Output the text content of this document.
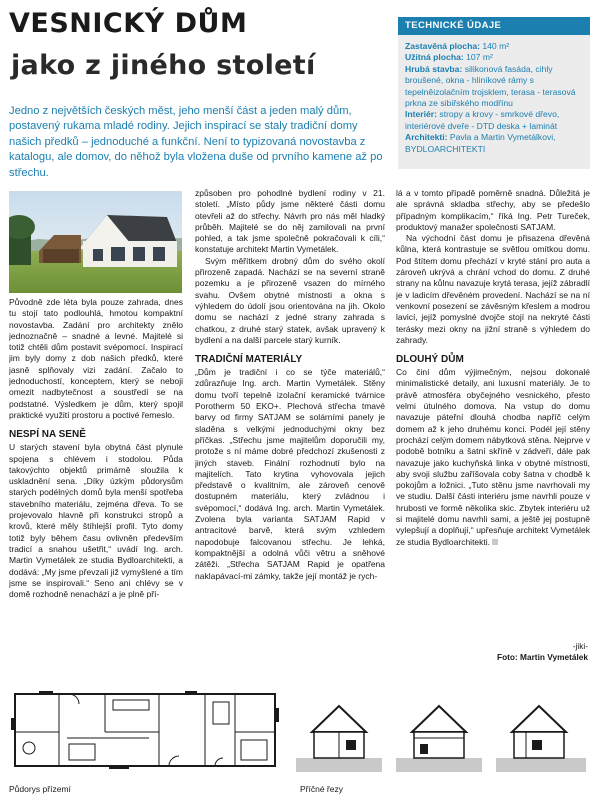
VESNICKÝ DŮM
jako z jiného století

Jedno z největších českých měst, jeho menší část a jeden malý dům, postavený rukama mladé rodiny. Jejich inspirací se staly tradiční domy našich předků – jednoduché a funkční. Není to typizovaná novostavba z katalogu, ale domov, do něhož byla vložena duše od prvního kamene až po střechu.

TECHNICKÉ ÚDAJE

Zastavěná plocha: 140 m²

Užitná plocha: 107 m²

Hrubá stavba: silikonová fasáda, cihly broušené, okna - hliníkové rámy s tepelněizolačním trojsklem, terasa - terasová prkna ze sibiřského modřínu

Interiér: stropy a krovy - smrkové dřevo, interiérové dveře - DTD deska + laminát

Architekti: Pavla a Martin Vymetálkovi, BYDLOARCHITEKTI

Původně zde léta byla pouze zahrada, dnes tu stojí tato podlouhlá, hmotou kompaktní novostavba. Zadání pro architekty znělo jednoznačně – snadné a levné. Majitelé si totiž chtěli dům postavit svépomocí. Inspirací jim byly domy z dob našich předků, které jasně splňovaly vizi zadání. Začalo to jednoduchostí, konceptem, který se neboji omezit nadbytečnost a soustředí se na podstatné. Výsledkem je dům, který spojil praktické využití prostoru a poctivé řemeslo.

NESPÍ NA SENĚ

U starých stavení byla obytná část plynule spojena s chlévem i stodolou. Půda takovýchto objektů primárně sloužila k uskladnění sena. „Díky úzkým půdorysům starých podélných domů byla menší spotřeba stavebního materiálu, zejména dřeva. To se projevovalo hlavně při konstrukci stropů a krovů, které měly štíhlejší profil. Tyto domy totiž byly během času ovlivněn především tradicí a snahou ušetřit,“ uvádí Ing. arch. Martin Vymetálek ze studia Bydloarchitekti, a dodává: „My jsme převzali již vymyšlené a tím jsme se inspirovali.“ Seno ani chlévy se v domě rozhodně nenachází a je plně pří-

způsoben pro pohodlné bydlení rodiny v 21. století. „Místo půdy jsme některé části domu otevřeli až do střechy. Návrh pro nás měl hladký průběh. Majitelé se do něj zamilovali na první pohled, a tak jsme společně pokračovali k cíli,“ konstatuje architekt Martin Vymetálek.

Svým měřítkem drobný dům do svého okolí přirozeně zapadá. Nachází se na severní straně pozemku a je přirozeně vsazen do mírného svahu. Ovšem obytné místnosti a okna s výhledem do údolí jsou orientována na jih. Okolo domu se nachází z jedné strany zahrada s chatkou, z druhé starý statek, avšak upravený k bydlení a na další parcele starý kurník.

TRADIČNÍ MATERIÁLY

„Dům je tradiční i co se týče materiálů,“ zdůrazňuje Ing. arch. Martin Vymetálek. Stěny domu tvoří tepelně izolační keramické tvárnice Porotherm 50 EKO+. Plechová střecha tmavé barvy od firmy SATJAM se solárními panely je sladěna s velkými jednoduchými okny bez příčkas. „Střechu jsme majitelům doporučili my, protože s ní máme dobré předchozí zkušenosti z jiných staveb. Finální rozhodnutí bylo na majitelích. Tato krytina vyhovovala jejich představě o kvalitním, ale zároveň cenově dostupném materiálu, který zvládnou i svépomocí,“ dodává Ing. arch. Martin Vymetálek. Zvolena byla varianta SATJAM Rapid v antracitové barvě, která svým vzhledem napodobuje falcovanou střechu. Je lehká, kompaktnější a odolná vůči větru a sněhové zátěži. „Střecha SATJAM Rapid je opatřena naklapávací-mi zámky, takže její montáž je rych-

lá a v tomto případě poměrně snadná. Důležitá je ale správná skladba střechy, aby se předešlo případným komplikacím,“ říká Ing. Petr Tureček, produktový manažer společnosti SATJAM.

Na východní část domu je přisazena dřevěná kůlna, která kontrastuje se světlou omítkou domu. Pod štítem domu přechází v kryté stání pro auta a zároveň ukrývá a chrání vchod do domu. Z druhé strany na kůlnu navazuje krytá terasa, jejíž zábradlí je v ladicím dřevěném provedení. Nachází se na ní venkovní posezení se závěsným křeslem a modrou lavicí, jejíž pomyslné dvojče stojí na nekryté části terásky mezi okny na jižní straně s výhledem do zahrady.

DLOUHÝ DŮM

Co činí dům výjimečným, nejsou dokonalé minimalistické detaily, ani luxusní materiály. Je to právě atmosféra obyčejného vesnického, přesto velmi útulného domova. Na vstup do domu navazuje páteřní dlouhá chodba napříč celým domem až k jeho druhému konci. Podél její stěny prochází celým domem nábytková stěna. Nejprve v podobě botníku a šatní skříně v zádveří, dále pak navazuje jako kuchyňská linka v obytné místnosti, aby svoji službu zaříšovala coby šatna v chodbě k pokojům a ložnici. „Tuto stěnu jsme navrhovali my ve studiu. Další části interiéru jsme navrhli pouze v hrubosti ve formě několika skic. Zbytek interiéru už si majitelé domu navrhli sami, a ještě jej postupně vylepšují a doplňují,“ upřesňuje architekt Vymetálek ze studia Bydloarchitekti.

-jiki-
Foto: Martin Vymetálek
Půdorys přízemí	Příčné řezy
